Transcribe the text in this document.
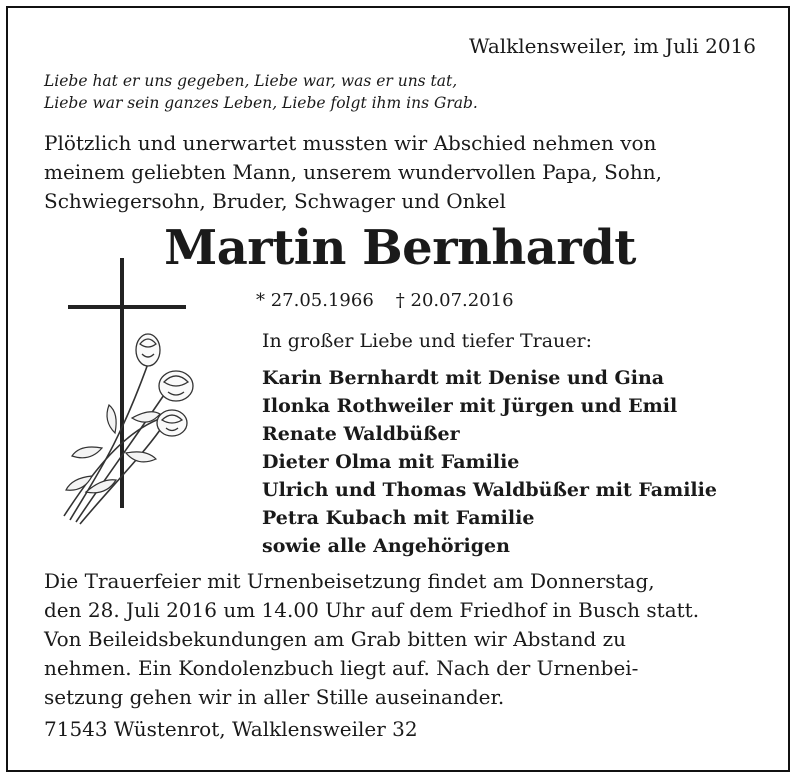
Walklensweiler, im Juli 2016
Liebe hat er uns gegeben, Liebe war, was er uns tat,
Liebe war sein ganzes Leben, Liebe folgt ihm ins Grab.
Plötzlich und unerwartet mussten wir Abschied nehmen von
meinem geliebten Mann, unserem wundervollen Papa, Sohn,
Schwiegersohn, Bruder, Schwager und Onkel
Martin Bernhardt
* 27.05.1966 † 20.07.2016
In großer Liebe und tiefer Trauer:
Karin Bernhardt mit Denise und Gina
Ilonka Rothweiler mit Jürgen und Emil
Renate Waldbüßer
Dieter Olma mit Familie
Ulrich und Thomas Waldbüßer mit Familie
Petra Kubach mit Familie
sowie alle Angehörigen
Die Trauerfeier mit Urnenbeisetzung findet am Donnerstag,
den 28. Juli 2016 um 14.00 Uhr auf dem Friedhof in Busch statt.
Von Beileidsbekundungen am Grab bitten wir Abstand zu
nehmen. Ein Kondolenzbuch liegt auf. Nach der Urnenbei-
setzung gehen wir in aller Stille auseinander.
71543 Wüstenrot, Walklensweiler 32
